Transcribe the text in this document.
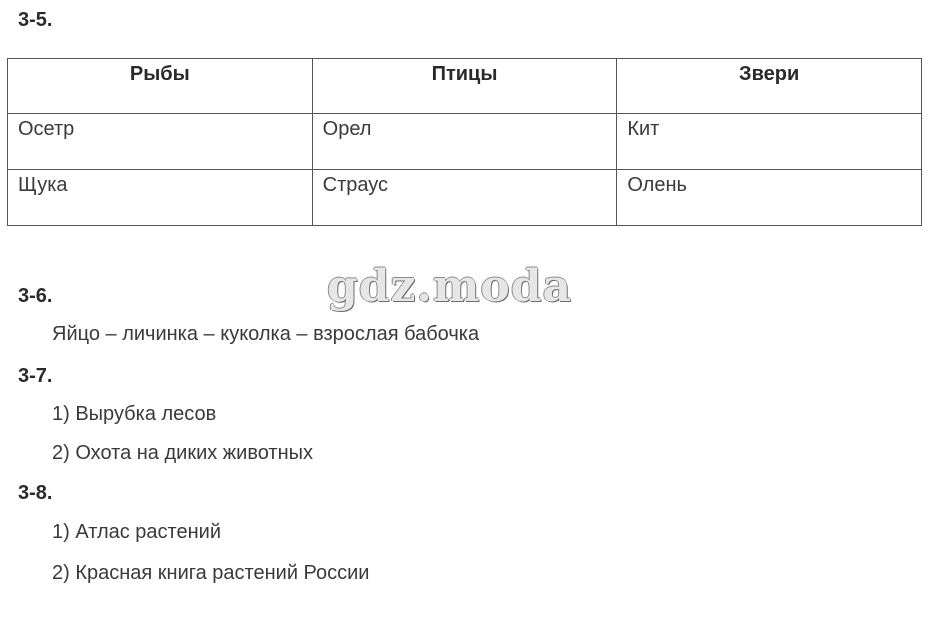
3-5.
Рыбы	Птицы	Звери
Осетр	Орел	Кит
Щука	Страус	Олень
gdz.moda
3-6.
Яйцо – личинка – куколка – взрослая бабочка
3-7.
1) Вырубка лесов
2) Охота на диких животных
3-8.
1) Атлас растений
2) Красная книга растений России
